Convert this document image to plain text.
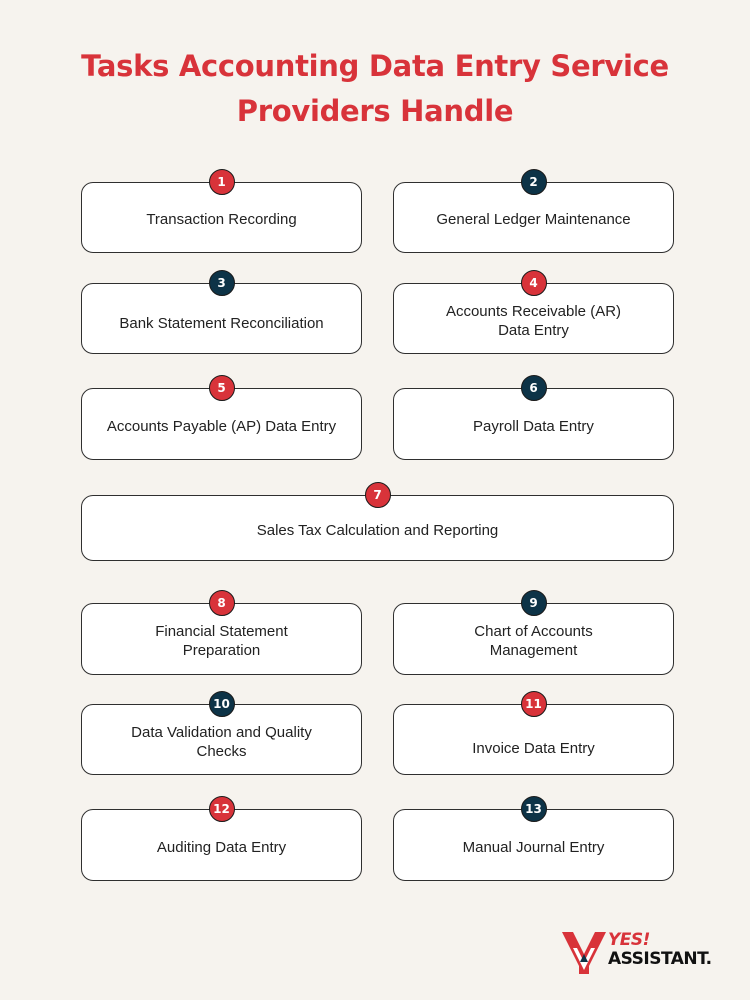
Tasks Accounting Data Entry Service
Providers Handle
1
Transaction Recording
2
General Ledger Maintenance
3
Bank Statement Reconciliation
4
Accounts Receivable (AR)
Data Entry
5
Accounts Payable (AP) Data Entry
6
Payroll Data Entry
7
Sales Tax Calculation and Reporting
8
Financial Statement
Preparation
9
Chart of Accounts
Management
10
Data Validation and Quality
Checks
11
Invoice Data Entry
12
Auditing Data Entry
13
Manual Journal Entry
YES!
ASSISTANT.
